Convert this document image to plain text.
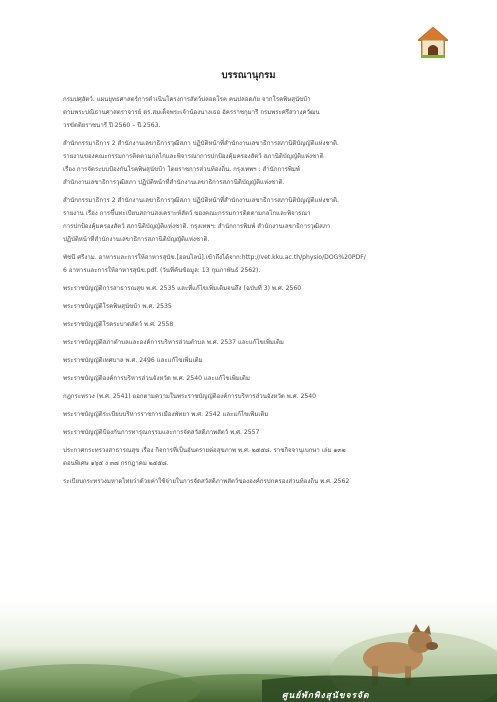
บรรณานุกรม
กรมปศุสัตว์. แผนยุทธศาสตร์การดำเนินโครงการสัตว์ปลอดโรค คนปลอดภัย จากโรคพิษสุนัขบ้า
ตามพระปณิธานศาสตราจารย์ ดร.สมเด็จพระเจ้าน้องนางเธอ อัครราชกุมารี กรมพระศรีสวางควัฒน
วรขัตติยราชนารี ปี 2560 – ปี 2563.
สำนักกรรมาธิการ 2 สำนักงานเลขาธิการวุฒิสภา ปฏิบัติหน้าที่สำนักงานเลขาธิการสภานิติบัญญัติแห่งชาติ.
รายงานของคณะกรรมการติดตามกลไกและพิจารณาการปกป้องคุ้มครองสัตว์ สภานิติบัญญัติแห่งชาติ
เรื่อง การจัดระบบป้องกันโรคพิษสุนัขบ้า โดยราชการส่วนท้องถิ่น. กรุงเทพฯ : สำนักการพิมพ์
สำนักงานเลขาธิการวุฒิสภา ปฏิบัติหน้าที่สำนักงานเลขาธิการสภานิติบัญญัติแห่งชาติ.
สำนักกรรมาธิการ 2 สำนักงานเลขาธิการวุฒิสภา ปฏิบัติหน้าที่สำนักงานเลขาธิการสภานิติบัญญัติแห่งชาติ.
รายงาน เรื่อง การขึ้นทะเบียนสถานสงเคราะห์สัตว์ ของคณะกรรมการติดตามกลไกและพิจารณา
การปกป้องคุ้มครองสัตว์ สภานิติบัญญัติแห่งชาติ. กรุงเทพฯ: สำนักการพิมพ์ สำนักงานเลขาธิการวุฒิสภา
ปฏิบัติหน้าที่สำนักงานเลขาธิการสภานิติบัญญัติแห่งชาติ.
พัชนี ศรีงาม. อาหารและการให้อาหารสุนัข.[ออนไลน์].เข้าถึงได้จาก:http://vet.kku.ac.th/physio/DOG%20PDF/
6 อาหารและการให้อาหารสุนัข.pdf. (วันที่ค้นข้อมูล: 13 กุมภาพันธ์ 2562).
พระราชบัญญัติการสาธารณสุข พ.ศ. 2535 และที่แก้ไขเพิ่มเติมจนถึง (ฉบับที่ 3) พ.ศ. 2560
พระราชบัญญัติโรคพิษสุนัขบ้า พ.ศ. 2535
พระราชบัญญัติโรคระบาดสัตว์ พ.ศ. 2558
พระราชบัญญัติสภาตำบลและองค์การบริหารส่วนตำบล พ.ศ. 2537 และแก้ไขเพิ่มเติม
พระราชบัญญัติเทศบาล พ.ศ. 2496 และแก้ไขเพิ่มเติม
พระราชบัญญัติองค์การบริหารส่วนจังหวัด พ.ศ. 2540 และแก้ไขเพิ่มเติม
กฎกระทรวง (พ.ศ. 2541) ออกตามความในพระราชบัญญัติองค์การบริหารส่วนจังหวัด พ.ศ. 2540
พระราชบัญญัติระเบียบบริหารราชการเมืองพัทยา พ.ศ. 2542 และแก้ไขเพิ่มเติม
พระราชบัญญัติป้องกันการทารุณกรรมและการจัดสวัสดิภาพสัตว์ พ.ศ. 2557
ประกาศกระทรวงสาธารณสุข เรื่อง กิจการที่เป็นอันตรายต่อสุขภาพ พ.ศ. ๒๕๕๘. ราชกิจจานุเบกษา เล่ม ๑๓๒
ตอนพิเศษ ๑๖๕ ง ๓๗ กรกฎาคม ๒๕๕๘.
ระเบียบกระทรวงมหาดไทยว่าด้วยค่าใช้จ่ายในการจัดสวัสดิภาพสัตว์ขององค์กรปกครองส่วนท้องถิ่น พ.ศ. 2562
ศูนย์พักพิงสุนัขจรจัด
